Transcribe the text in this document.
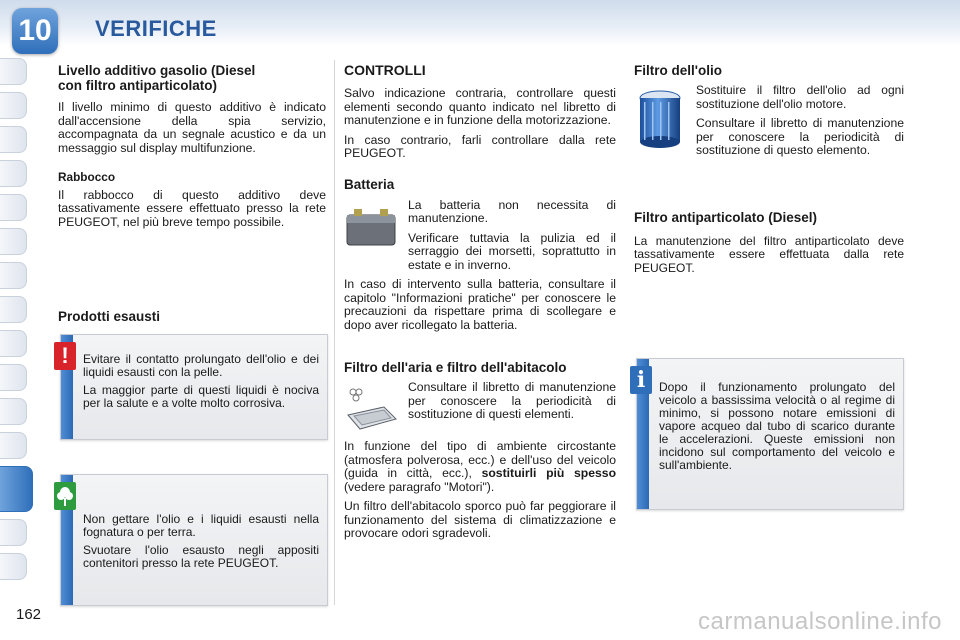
10 VERIFICHE
Livello additivo gasolio (Diesel
con filtro antiparticolato)

Il livello minimo di questo additivo è indicato dall'accensione della spia servizio, accompagnata da un segnale acustico e da un messaggio sul display multifunzione.

Rabbocco

Il rabbocco di questo additivo deve tassativamente essere effettuato presso la rete PEUGEOT, nel più breve tempo possibile.

Prodotti esausti

Evitare il contatto prolungato dell'olio e dei liquidi esausti con la pelle.

La maggior parte di questi liquidi è nociva per la salute e a volte molto corrosiva.

!

Non gettare l'olio e i liquidi esausti nella fognatura o per terra.

Svuotare l'olio esausto negli appositi contenitori presso la rete PEUGEOT.

CONTROLLI

Salvo indicazione contraria, controllare questi elementi secondo quanto indicato nel libretto di manutenzione e in funzione della motorizzazione.

In caso contrario, farli controllare dalla rete PEUGEOT.

Batteria

La batteria non necessita di manutenzione.

Verificare tuttavia la pulizia ed il serraggio dei morsetti, soprattutto in estate e in inverno.

In caso di intervento sulla batteria, consultare il capitolo "Informazioni pratiche" per conoscere le precauzioni da rispettare prima di scollegare e dopo aver ricollegato la batteria.

Filtro dell'aria e filtro dell'abitacolo

Consultare il libretto di manutenzione per conoscere la periodicità di sostituzione di questi elementi.

In funzione del tipo di ambiente circostante (atmosfera polverosa, ecc.) e dell'uso del veicolo (guida in città, ecc.), sostituirli più spesso (vedere paragrafo "Motori").

Un filtro dell'abitacolo sporco può far peggiorare il funzionamento del sistema di climatizzazione e provocare odori sgradevoli.

Filtro dell'olio

Sostituire il filtro dell'olio ad ogni sostituzione dell'olio motore.

Consultare il libretto di manutenzione per conoscere la periodicità di sostituzione di questo elemento.

Filtro antiparticolato (Diesel)

La manutenzione del filtro antiparticolato deve tassativamente essere effettuata dalla rete PEUGEOT.

Dopo il funzionamento prolungato del veicolo a bassissima velocità o al regime di minimo, si possono notare emissioni di vapore acqueo dal tubo di scarico durante le accelerazioni. Queste emissioni non incidono sul comportamento del veicolo e sull'ambiente.

i
162	carmanualsonline.info
